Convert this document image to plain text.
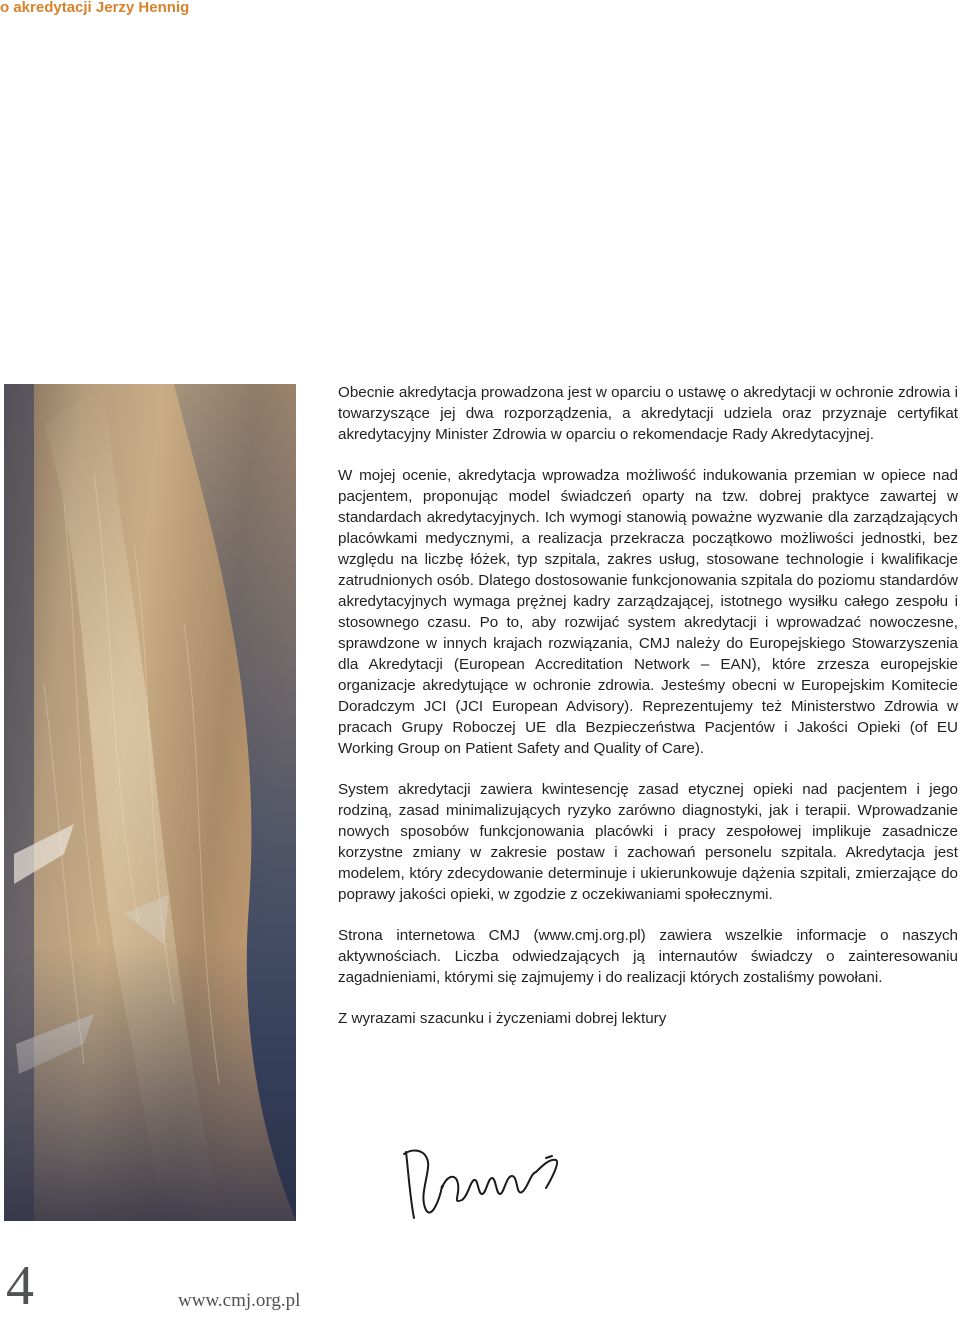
o akredytacji Jerzy Hennig

Obecnie akredytacja prowadzona jest w oparciu o ustawę o akredytacji w ochronie zdrowia i towarzyszące jej dwa rozporządzenia, a akredytacji udziela oraz przyznaje certyfikat akredytacyjny Minister Zdrowia w oparciu o rekomendacje Rady Akredytacyjnej.

W mojej ocenie, akredytacja wprowadza możliwość indukowania przemian w opiece nad pacjentem, proponując model świadczeń oparty na tzw. dobrej praktyce zawartej w standardach akredytacyjnych. Ich wymogi stanowią poważne wyzwanie dla zarządzających placówkami medycznymi, a realizacja przekracza początkowo możliwości jednostki, bez względu na liczbę łóżek, typ szpitala, zakres usług, stosowane technologie i kwalifikacje zatrudnionych osób. Dlatego dostosowanie funkcjonowania szpitala do poziomu standardów akredytacyjnych wymaga prężnej kadry zarządzającej, istotnego wysiłku całego zespołu i stosownego czasu. Po to, aby rozwijać system akredytacji i wprowadzać nowoczesne, sprawdzone w innych krajach rozwiązania, CMJ należy do Europejskiego Stowarzyszenia dla Akredytacji (European Accreditation Network – EAN), które zrzesza europejskie organizacje akredytujące w ochronie zdrowia. Jesteśmy obecni w Europejskim Komitecie Doradczym JCI (JCI European Advisory). Reprezentujemy też Ministerstwo Zdrowia w pracach Grupy Roboczej UE dla Bezpieczeństwa Pacjentów i Jakości Opieki (of EU Working Group on Patient Safety and Quality of Care).

System akredytacji zawiera kwintesencję zasad etycznej opieki nad pacjentem i jego rodziną, zasad minimalizujących ryzyko zarówno diagnostyki, jak i terapii. Wprowadzanie nowych sposobów funkcjonowania placówki i pracy zespołowej implikuje zasadnicze korzystne zmiany w zakresie postaw i zachowań personelu szpitala. Akredytacja jest modelem, który zdecydowanie determinuje i ukierunkowuje dążenia szpitali, zmierzające do poprawy jakości opieki, w zgodzie z oczekiwaniami społecznymi.

Strona internetowa CMJ (www.cmj.org.pl) zawiera wszelkie informacje o naszych aktywnościach. Liczba odwiedzających ją internautów świadczy o zainteresowaniu zagadnieniami, którymi się zajmujemy i do realizacji których zostaliśmy powołani.

Z wyrazami szacunku i życzeniami dobrej lektury

4	www.cmj.org.pl
